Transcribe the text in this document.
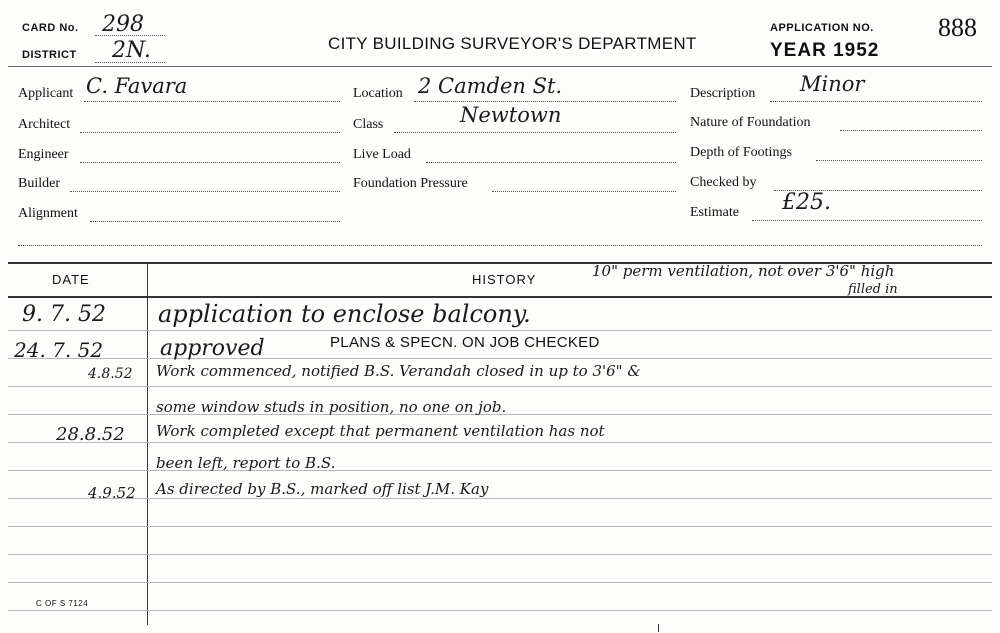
CARD No. 298
DISTRICT 2N.	CITY BUILDING SURVEYOR'S DEPARTMENT
APPLICATION NO. 888
YEAR 1952
Applicant C. Favara
Architect
Engineer
Builder
Alignment
Location 2 Camden St.
Class	Newtown
Live Load
Foundation Pressure
Description Minor
Nature of Foundation
Depth of Footings
Checked by
Estimate £25.
DATE	HISTORY	10" perm ventilation, not over 3'6" high
filled in
9. 7. 52 application to enclose balcony.
24. 7. 52	approved	PLANS & SPECN. ON JOB CHECKED
4.8.52 Work commenced, notified B.S. Verandah closed in up to 3'6" &
some window studs in position, no one on job.
28.8.52 Work completed except that permanent ventilation has not
been left, report to B.S.
4.9.52 As directed by B.S., marked off list J.M. Kay
C OF S 7124
